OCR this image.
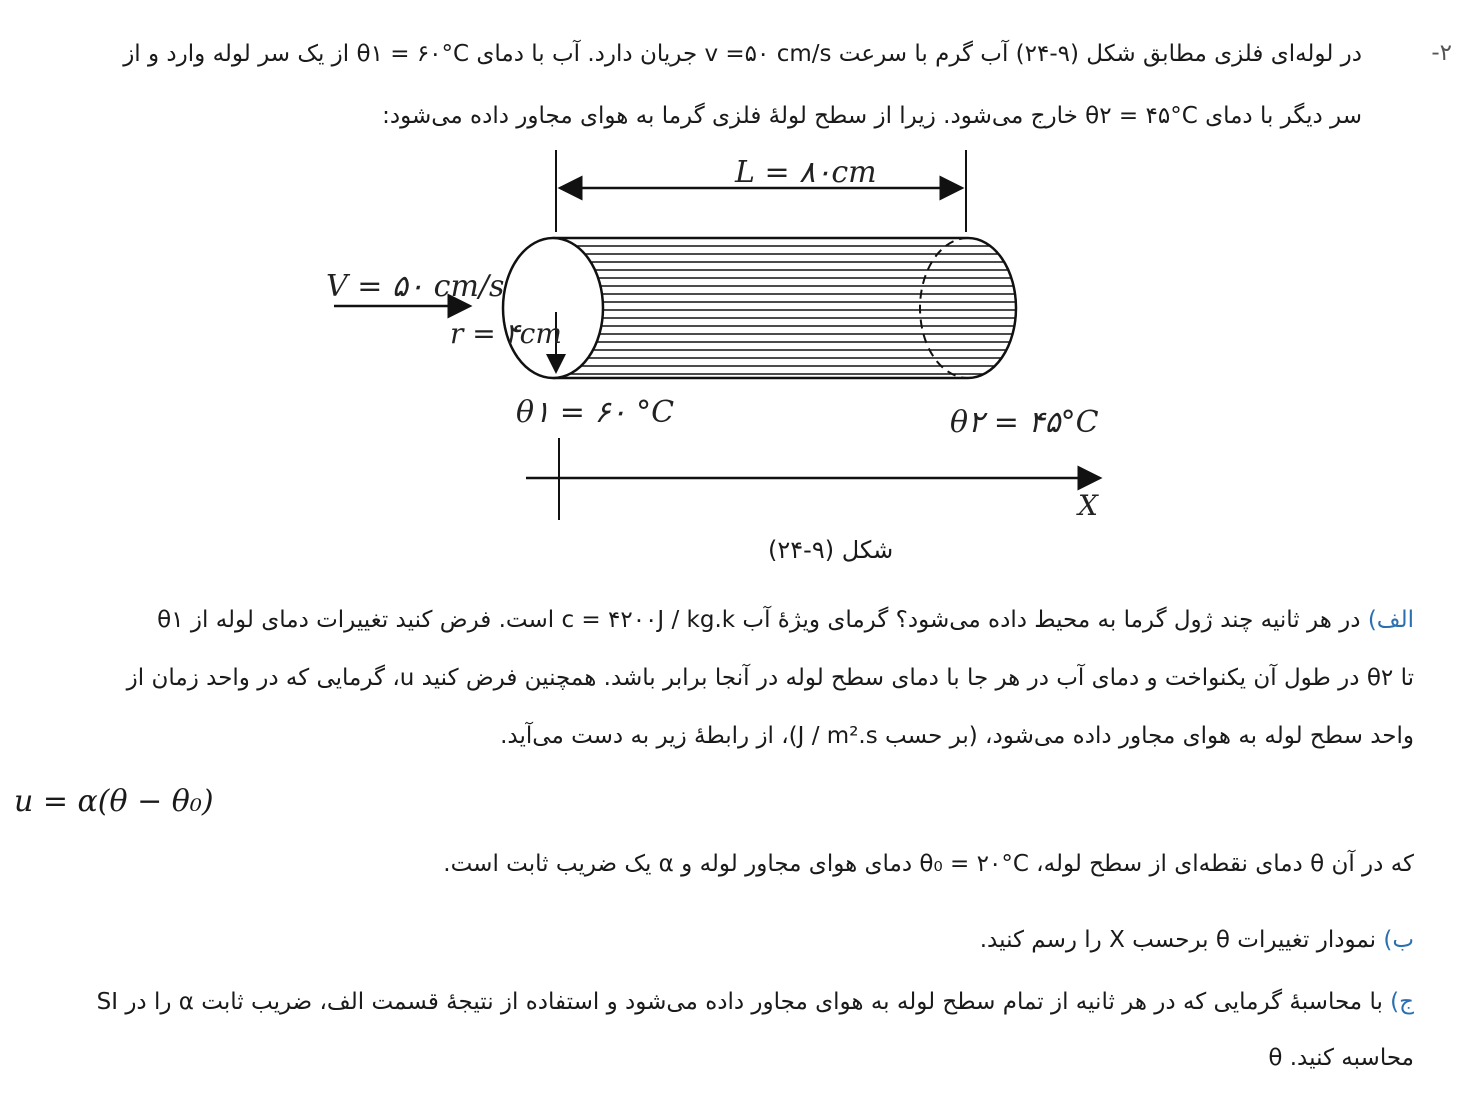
-۲
در لوله‌ای فلزی مطابق شکل (۹-۲۴) آب گرم با سرعت v =۵۰ cm/s جریان دارد. آب با دمای θ۱ = ۶۰°C از یک سر لوله وارد و از
سر دیگر با دمای θ۲ = ۴۵°C خارج می‌شود. زیرا از سطح لولهٔ فلزی گرما به هوای مجاور داده می‌شود:
L = ۸۰cm
r = ۴cm
V = ۵۰ cm/s
θ۱ = ۶۰ °C	θ۲ = ۴۵°C
X
شکل (۹-۲۴)
الف) در هر ثانیه چند ژول گرما به محیط داده می‌شود؟ گرمای ویژهٔ آب c = ۴۲۰۰J / kg.k است. فرض کنید تغییرات دمای لوله از θ۱
تا θ۲ در طول آن یکنواخت و دمای آب در هر جا با دمای سطح لوله در آنجا برابر باشد. همچنین فرض کنید u، گرمایی که در واحد زمان از
واحد سطح لوله به هوای مجاور داده می‌شود، (بر حسب J / m².s)، از رابطهٔ زیر به دست می‌آید.
u = α(θ − θ₀)
که در آن θ دمای نقطه‌ای از سطح لوله، θ₀ = ۲۰°C دمای هوای مجاور لوله و α یک ضریب ثابت است.
ب) نمودار تغییرات θ برحسب X را رسم کنید.
ج) با محاسبهٔ گرمایی که در هر ثانیه از تمام سطح لوله به هوای مجاور داده می‌شود و استفاده از نتیجهٔ قسمت الف، ضریب ثابت α را در SI
محاسبه کنید. θ
